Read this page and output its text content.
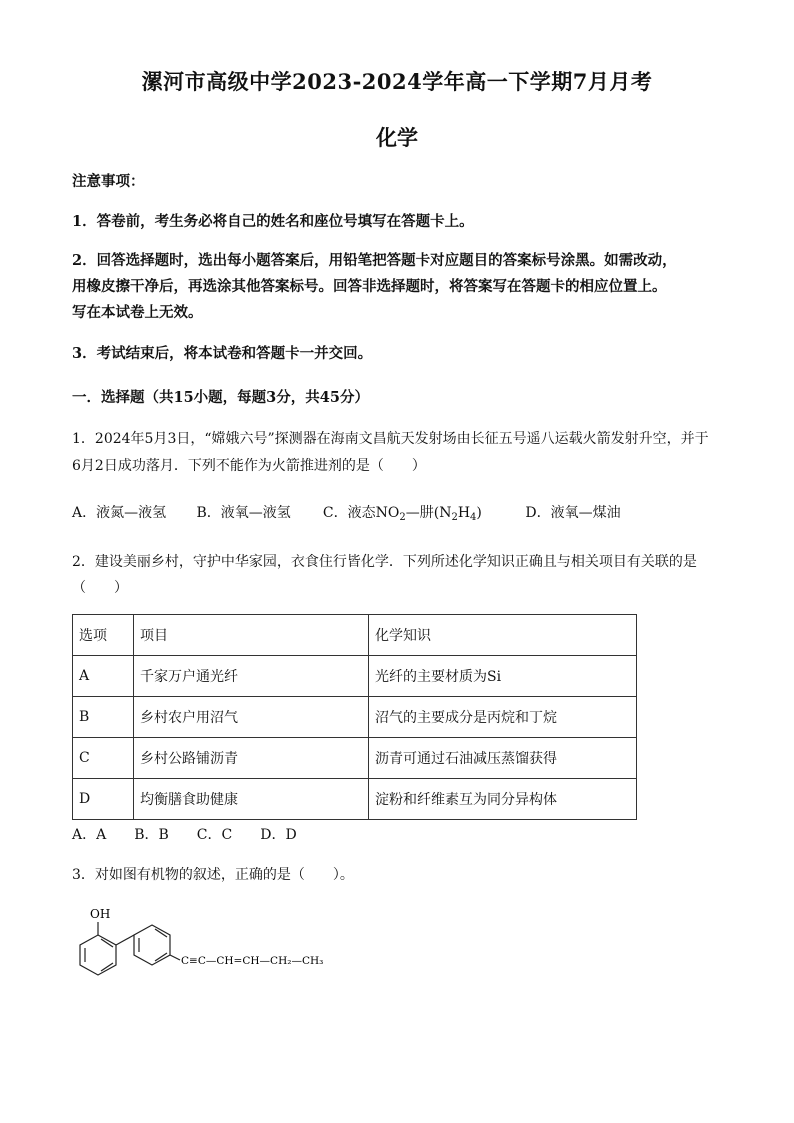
漯河市高级中学2023-2024学年高一下学期7月月考
化学
注意事项：
1．答卷前，考生务必将自己的姓名和座位号填写在答题卡上。
2．回答选择题时，选出每小题答案后，用铅笔把答题卡对应题目的答案标号涂黑。如需改动，
用橡皮擦干净后，再选涂其他答案标号。回答非选择题时，将答案写在答题卡的相应位置上。
写在本试卷上无效。
3．考试结束后，将本试卷和答题卡一并交回。
一．选择题（共15小题，每题3分，共45分）
1．2024年5月3日，“嫦娥六号”探测器在海南文昌航天发射场由长征五号遥八运载火箭发射升空，并于
6月2日成功落月．下列不能作为火箭推进剂的是（　　）
A．液氮—液氢 B．液氧—液氢 C．液态NO2—肼(N2H4)	D．液氧—煤油
2．建设美丽乡村，守护中华家园，衣食住行皆化学．下列所述化学知识正确且与相关项目有关联的是
（　　）
选项	项目	化学知识
A	千家万户通光纤	光纤的主要材质为Si
B	乡村农户用沼气	沼气的主要成分是丙烷和丁烷
C	乡村公路铺沥青	沥青可通过石油减压蒸馏获得
D	均衡膳食助健康	淀粉和纤维素互为同分异构体
A．A　　B．B　　C．C　　D．D
3．对如图有机物的叙述，正确的是（　　）。
OH
C≡C—CH=CH—CH₂—CH₃
